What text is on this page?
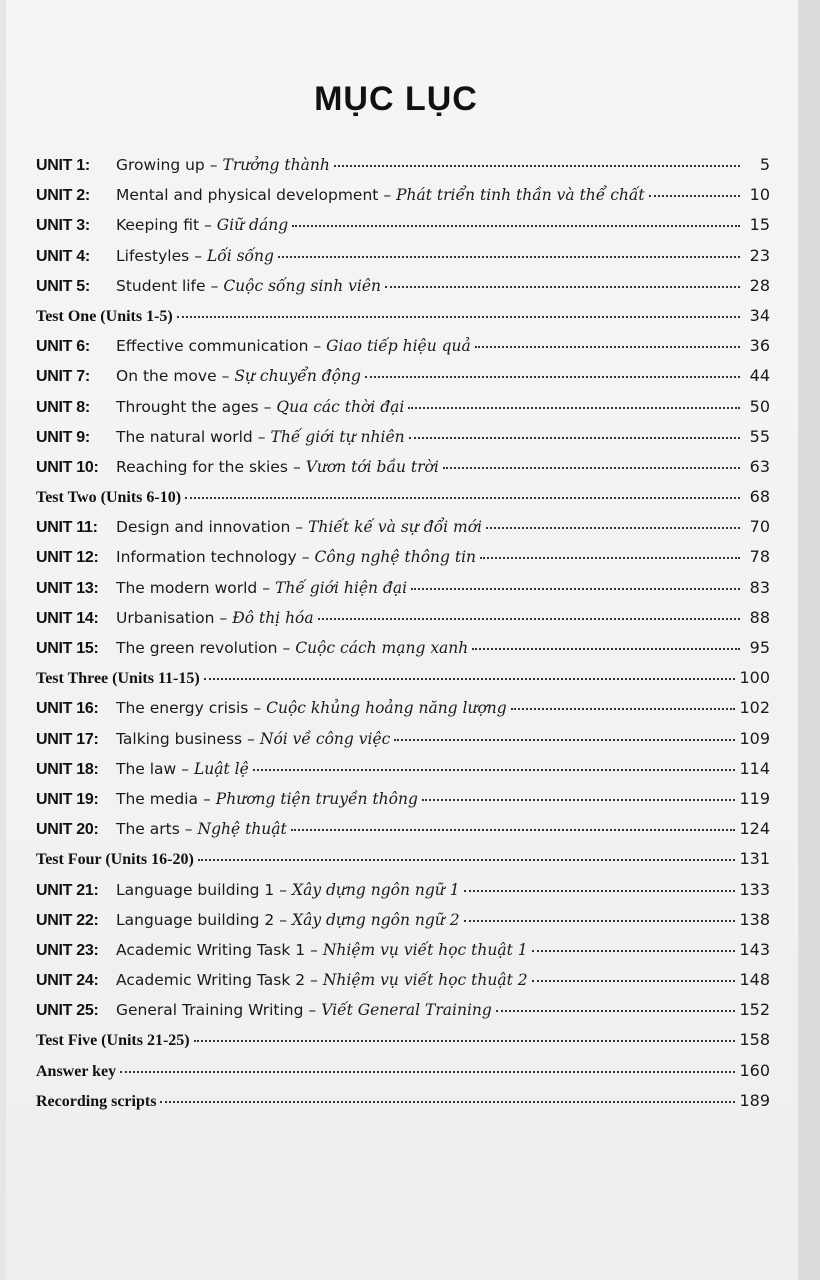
MỤC LỤC
UNIT 1:	Growing up – Trưởng thành	5
UNIT 2:	Mental and physical development – Phát triển tinh thần và thể chất	10
UNIT 3:	Keeping fit – Giữ dáng	15
UNIT 4:	Lifestyles – Lối sống	23
UNIT 5:	Student life – Cuộc sống sinh viên	28
Test One (Units 1-5)	34
UNIT 6:	Effective communication – Giao tiếp hiệu quả	36
UNIT 7:	On the move – Sự chuyển động	44
UNIT 8:	Throught the ages – Qua các thời đại	50
UNIT 9:	The natural world – Thế giới tự nhiên	55
UNIT 10:	Reaching for the skies – Vươn tới bầu trời	63
Test Two (Units 6-10)	68
UNIT 11:	Design and innovation – Thiết kế và sự đổi mới	70
UNIT 12:	Information technology – Công nghệ thông tin	78
UNIT 13:	The modern world – Thế giới hiện đại	83
UNIT 14:	Urbanisation – Đô thị hóa	88
UNIT 15:	The green revolution – Cuộc cách mạng xanh	95
Test Three (Units 11-15)	100
UNIT 16:	The energy crisis – Cuộc khủng hoảng năng lượng	102
UNIT 17:	Talking business – Nói về công việc	109
UNIT 18:	The law – Luật lệ	114
UNIT 19:	The media – Phương tiện truyền thông	119
UNIT 20:	The arts – Nghệ thuật	124
Test Four (Units 16-20)	131
UNIT 21:	Language building 1 – Xây dựng ngôn ngữ 1	133
UNIT 22:	Language building 2 – Xây dựng ngôn ngữ 2	138
UNIT 23:	Academic Writing Task 1 – Nhiệm vụ viết học thuật 1	143
UNIT 24:	Academic Writing Task 2 – Nhiệm vụ viết học thuật 2	148
UNIT 25:	General Training Writing – Viết General Training	152
Test Five (Units 21-25)	158
Answer key	160
Recording scripts	189
